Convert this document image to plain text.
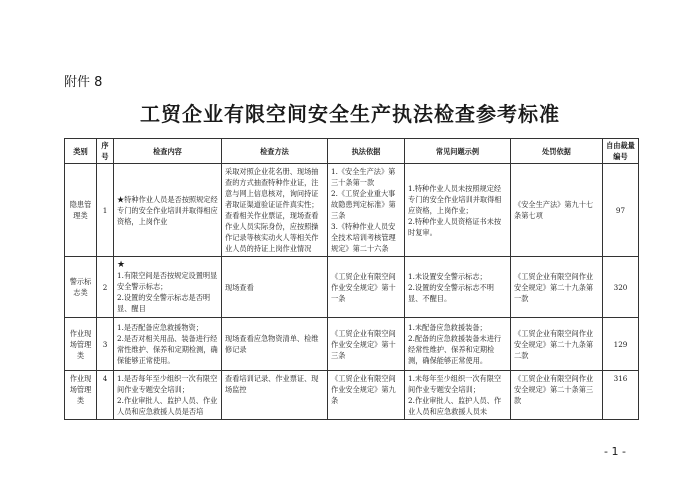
附件 8
工贸企业有限空间安全生产执法检查参考标准
类别	序号	检查内容	检查方法	执法依据	常见问题示例	处罚依据	自由裁量编号
隐患管理类	1	★特种作业人员是否按照规定经专门的安全作业培训并取得相应资格，上岗作业	采取对照企业花名册、现场抽查的方式抽查特种作业证，注意与网上信息核对，询问持证者取证渠道验证证件真实性；查看相关作业票证，现场查看作业人员实际身份，应按照操作记录等核实动火人等相关作业人员的持证上岗作业情况	1.《安全生产法》第三十条第一款
2.《工贸企业重大事故隐患判定标准》第三条
3.《特种作业人员安全技术培训考核管理规定》第二十六条	1.特种作业人员未按照规定经专门的安全作业培训并取得相应资格，上岗作业；
2.特种作业人员资格证书未按时复审。	《安全生产法》第九十七条第七项	97
警示标志类	2	★
1.有限空间是否按规定设置明显安全警示标志；
2.设置的安全警示标志是否明显、醒目	现场查看	《工贸企业有限空间作业安全规定》第十一条	1.未设置安全警示标志；
2.设置的安全警示标志不明显、不醒目。	《工贸企业有限空间作业安全规定》第二十九条第一款	320
作业现场管理类	3	1.是否配备应急救援物资；
2.是否对相关用品、装备进行经常性维护、保养和定期检测，确保能够正常使用。	现场查看应急物资清单、检维修记录	《工贸企业有限空间作业安全规定》第十三条	1.未配备应急救援装备；
2.配备的应急救援装备未进行经常性维护、保养和定期检测，确保能够正常使用。	《工贸企业有限空间作业安全规定》第二十九条第二款	129
作业现场管理类	4	1.是否每年至少组织一次有限空间作业专题安全培训；
2.作业审批人、监护人员、作业人员和应急救援人员是否培	查看培训记录、作业票证、现场监控	《工贸企业有限空间作业安全规定》第九条	1.未每年至少组织一次有限空间作业专题安全培训；
2.作业审批人、监护人员、作业人员和应急救援人员未	《工贸企业有限空间作业安全规定》第二十条第三款	316
- 1 -
